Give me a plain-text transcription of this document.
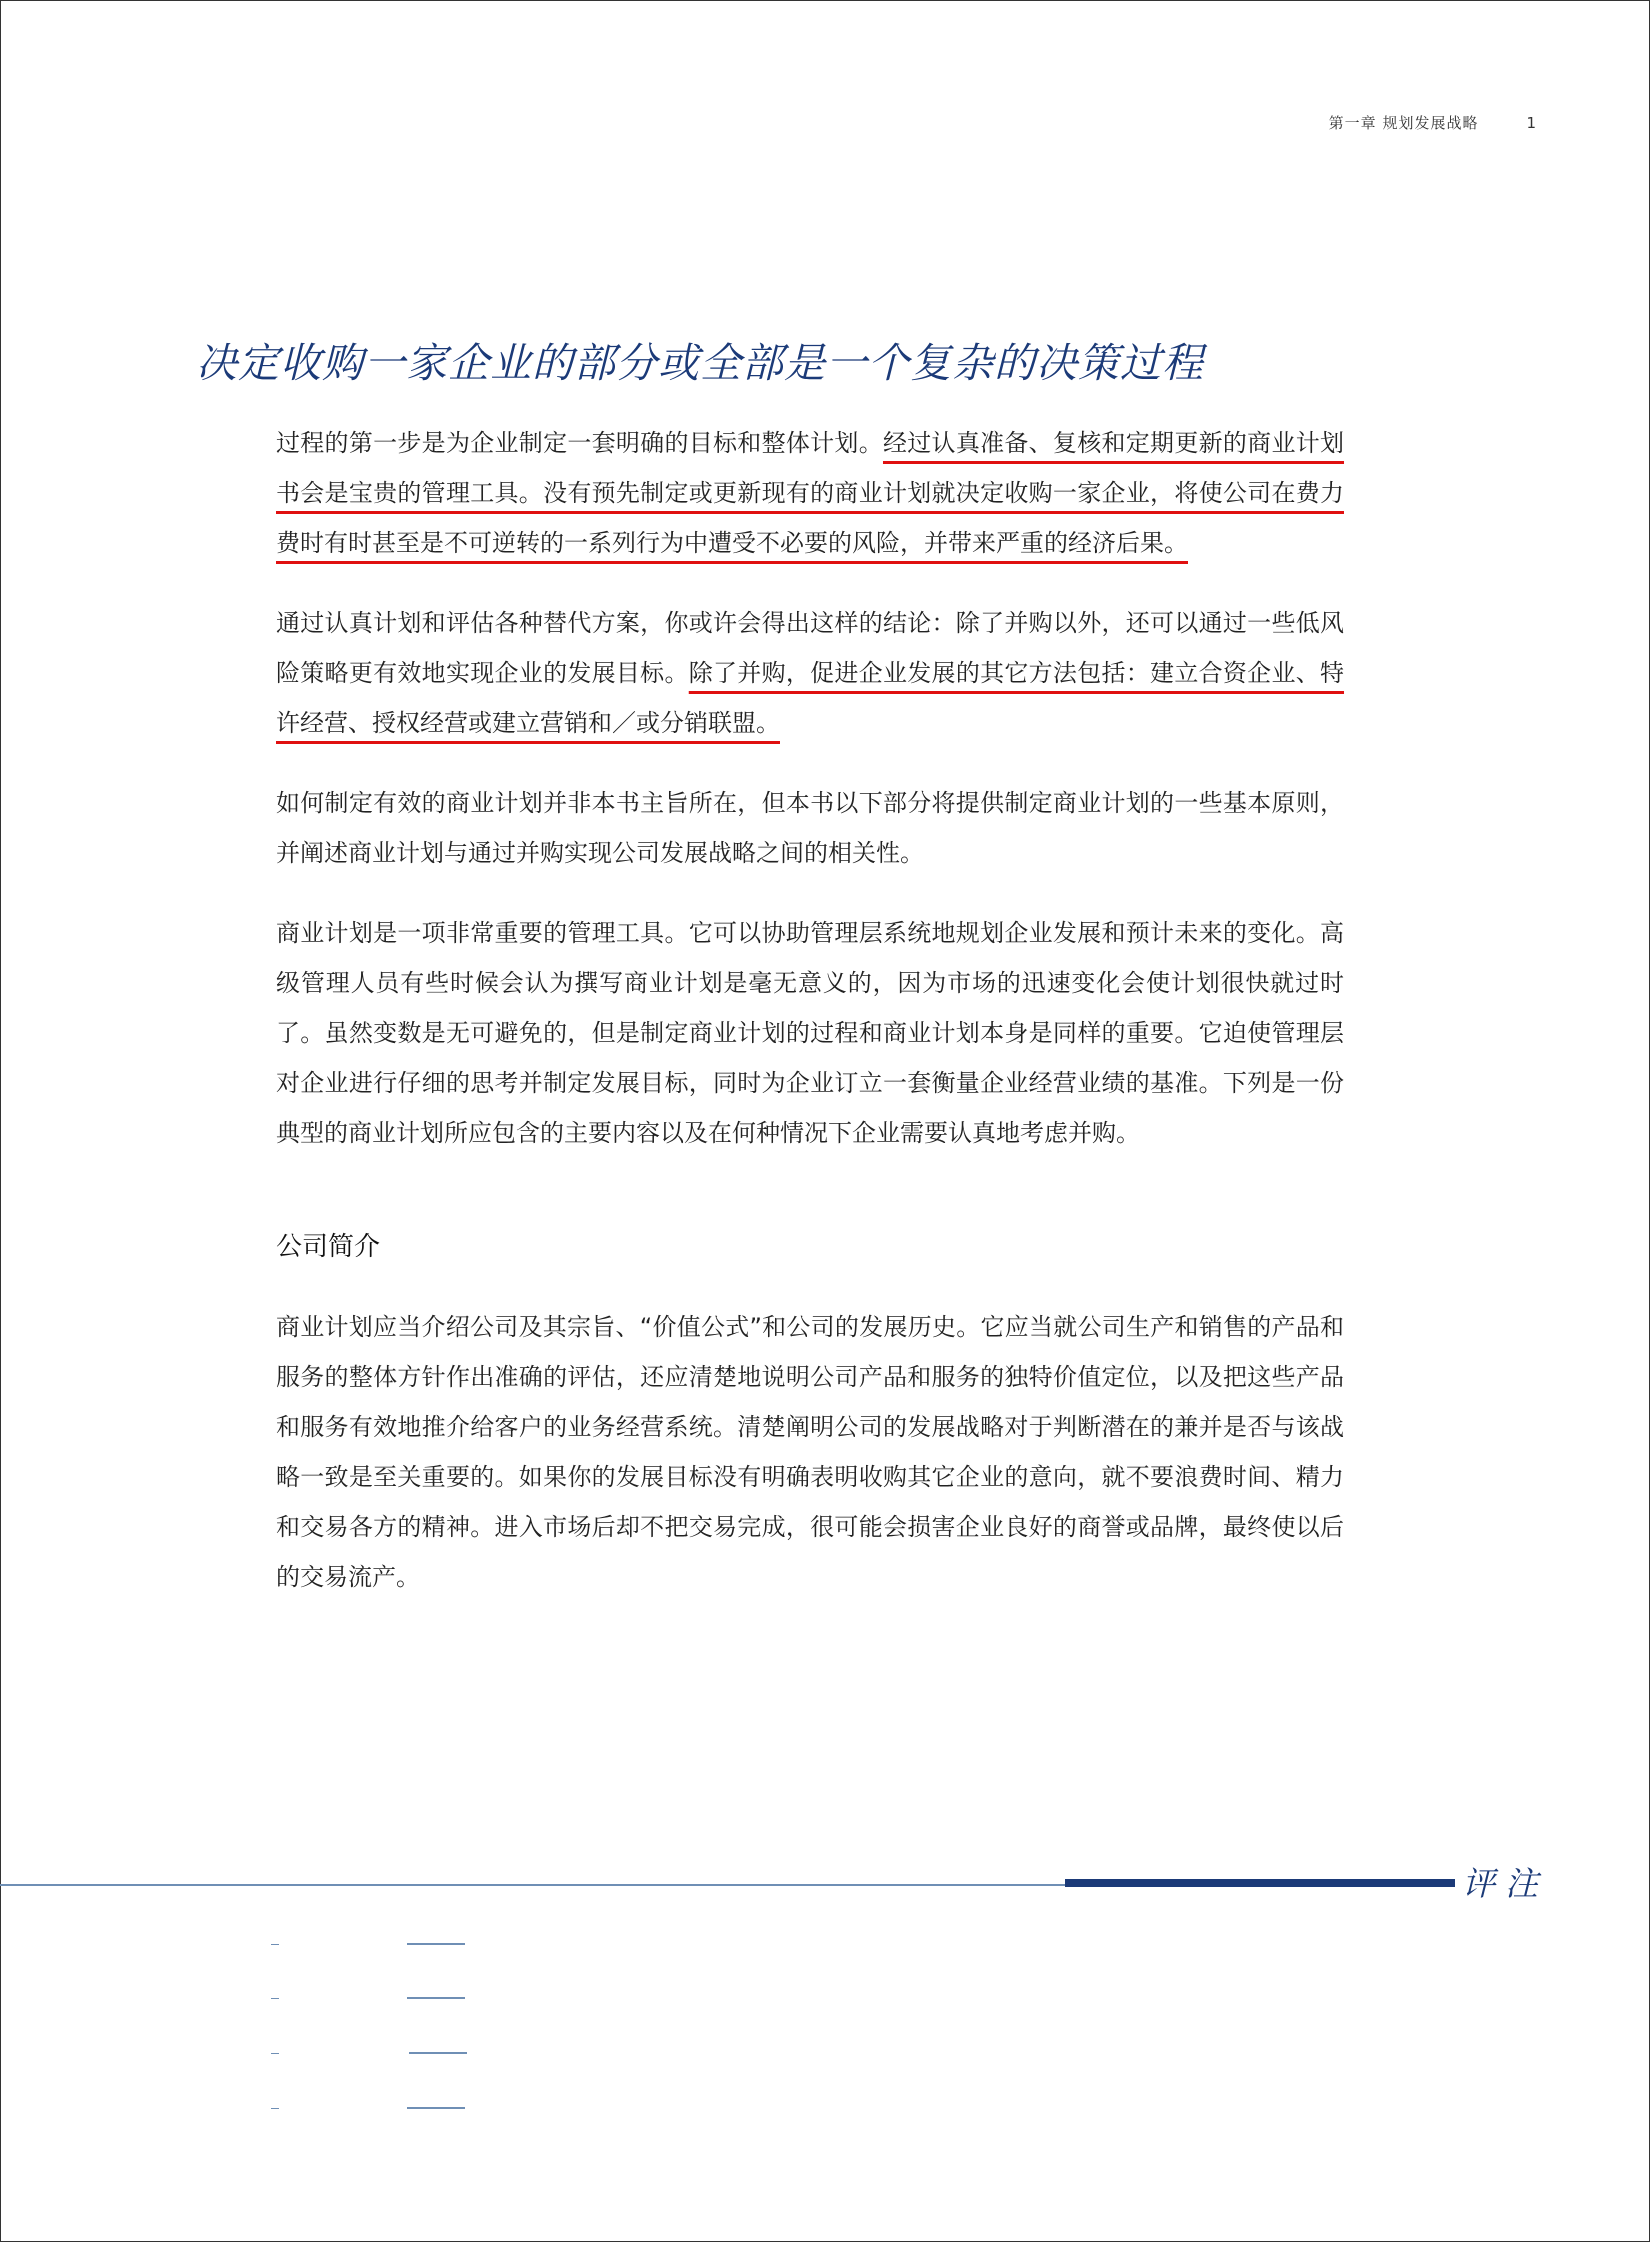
第一章 规划发展战略	1
决定收购一家企业的部分或全部是一个复杂的决策过程

过程的第一步是为企业制定一套明确的目标和整体计划。经过认真准备、复核和定期更新的商业计划书会是宝贵的管理工具。没有预先制定或更新现有的商业计划就决定收购一家企业，将使公司在费力费时有时甚至是不可逆转的一系列行为中遭受不必要的风险，并带来严重的经济后果。

通过认真计划和评估各种替代方案，你或许会得出这样的结论：除了并购以外，还可以通过一些低风险策略更有效地实现企业的发展目标。除了并购，促进企业发展的其它方法包括：建立合资企业、特许经营、授权经营或建立营销和／或分销联盟。

如何制定有效的商业计划并非本书主旨所在，但本书以下部分将提供制定商业计划的一些基本原则，并阐述商业计划与通过并购实现公司发展战略之间的相关性。

商业计划是一项非常重要的管理工具。它可以协助管理层系统地规划企业发展和预计未来的变化。高级管理人员有些时候会认为撰写商业计划是毫无意义的，因为市场的迅速变化会使计划很快就过时了。虽然变数是无可避免的，但是制定商业计划的过程和商业计划本身是同样的重要。它迫使管理层对企业进行仔细的思考并制定发展目标，同时为企业订立一套衡量企业经营业绩的基准。下列是一份典型的商业计划所应包含的主要内容以及在何种情况下企业需要认真地考虑并购。

公司简介

商业计划应当介绍公司及其宗旨、“价值公式”和公司的发展历史。它应当就公司生产和销售的产品和服务的整体方针作出准确的评估，还应清楚地说明公司产品和服务的独特价值定位，以及把这些产品和服务有效地推介给客户的业务经营系统。清楚阐明公司的发展战略对于判断潜在的兼并是否与该战略一致是至关重要的。如果你的发展目标没有明确表明收购其它企业的意向，就不要浪费时间、精力和交易各方的精神。进入市场后却不把交易完成，很可能会损害企业良好的商誉或品牌，最终使以后的交易流产。

评注
